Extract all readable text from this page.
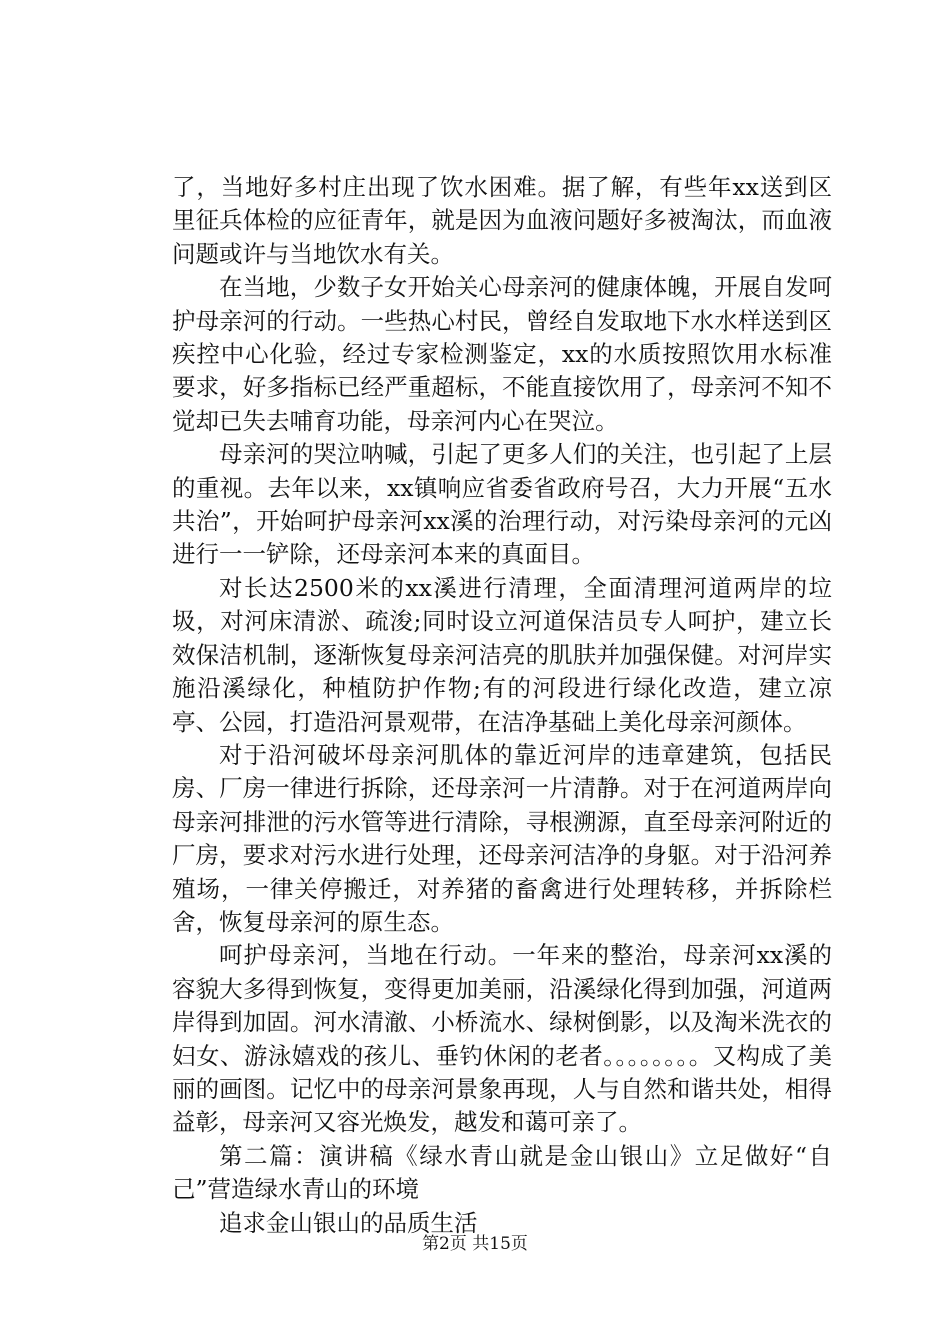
了，当地好多村庄出现了饮水困难。据了解，有些年xx送到区里征兵体检的应征青年，就是因为血液问题好多被淘汰，而血液问题或许与当地饮水有关。

在当地，少数子女开始关心母亲河的健康体魄，开展自发呵护母亲河的行动。一些热心村民，曾经自发取地下水水样送到区疾控中心化验，经过专家检测鉴定，xx的水质按照饮用水标准要求，好多指标已经严重超标，不能直接饮用了，母亲河不知不觉却已失去哺育功能，母亲河内心在哭泣。

母亲河的哭泣呐喊，引起了更多人们的关注，也引起了上层的重视。去年以来，xx镇响应省委省政府号召，大力开展“五水共治”，开始呵护母亲河xx溪的治理行动，对污染母亲河的元凶进行一一铲除，还母亲河本来的真面目。

对长达2500米的xx溪进行清理，全面清理河道两岸的垃圾，对河床清淤、疏浚;同时设立河道保洁员专人呵护，建立长效保洁机制，逐渐恢复母亲河洁亮的肌肤并加强保健。对河岸实施沿溪绿化，种植防护作物;有的河段进行绿化改造，建立凉亭、公园，打造沿河景观带，在洁净基础上美化母亲河颜体。

对于沿河破坏母亲河肌体的靠近河岸的违章建筑，包括民房、厂房一律进行拆除，还母亲河一片清静。对于在河道两岸向母亲河排泄的污水管等进行清除，寻根溯源，直至母亲河附近的厂房，要求对污水进行处理，还母亲河洁净的身躯。对于沿河养殖场，一律关停搬迁，对养猪的畜禽进行处理转移，并拆除栏舍，恢复母亲河的原生态。

呵护母亲河，当地在行动。一年来的整治，母亲河xx溪的容貌大多得到恢复，变得更加美丽，沿溪绿化得到加强，河道两岸得到加固。河水清澈、小桥流水、绿树倒影，以及淘米洗衣的妇女、游泳嬉戏的孩儿、垂钓休闲的老者。。。。。。。。又构成了美丽的画图。记忆中的母亲河景象再现，人与自然和谐共处，相得益彰，母亲河又容光焕发，越发和蔼可亲了。

第二篇：演讲稿《绿水青山就是金山银山》立足做好“自己”营造绿水青山的环境

追求金山银山的品质生活

第2页 共15页
